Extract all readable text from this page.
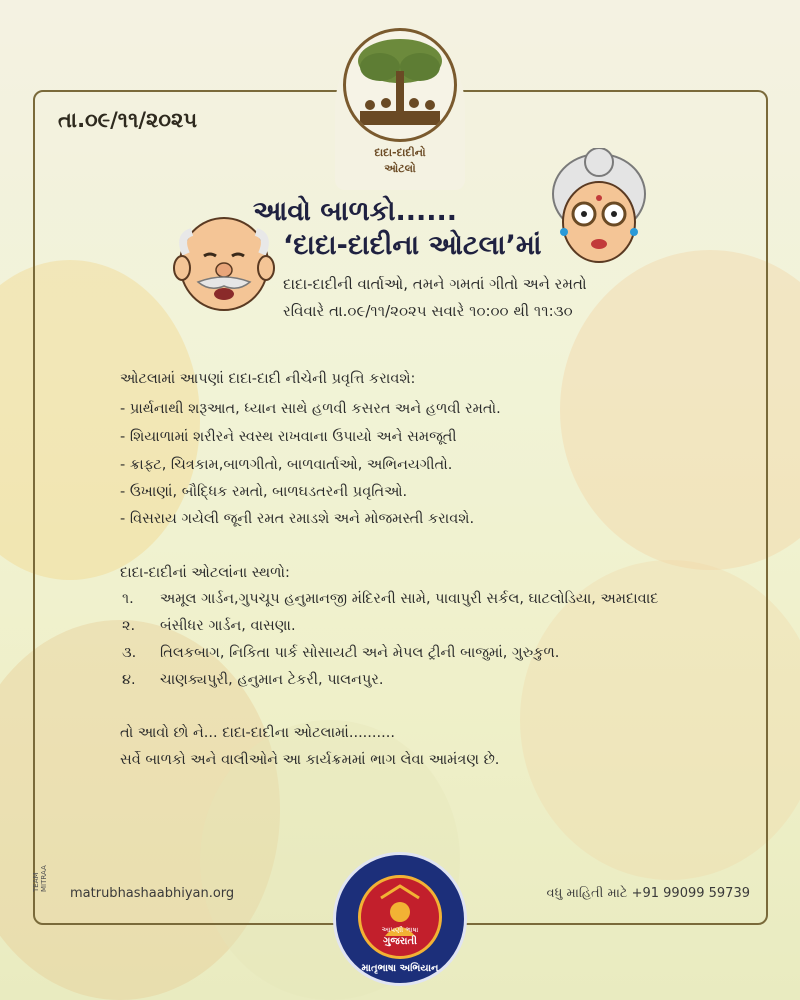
દાદા-દાદીનો
ઓટલો
તા.૦૯/૧૧/૨૦૨૫
આવો બાળકો......
‘દાદા-દાદીના ઓટલા’માં
દાદા-દાદીની વાર્તાઓ, તમને ગમતાં ગીતો અને રમતો
રવિવારે તા.૦૯/૧૧/૨૦૨૫ સવારે ૧૦:૦૦ થી ૧૧:૩૦
ઓટલામાં આપણાં દાદા-દાદી નીચેની પ્રવૃત્તિ કરાવશે:
- પ્રાર્થનાથી શરૂઆત, ધ્યાન સાથે હળવી કસરત અને હળવી રમતો.
- શિયાળામાં શરીરને સ્વસ્થ રાખવાના ઉપાયો અને સમજૂતી
- ક્રાફ્ટ, ચિત્રકામ,બાળગીતો, બાળવાર્તાઓ, અભિનયગીતો.
- ઉખાણાં, બૌદ્ધિક રમતો, બાળઘડતરની પ્રવૃતિઓ.
- વિસરાય ગયેલી જૂની રમત રમાડશે અને મોજમસ્તી કરાવશે.
દાદા-દાદીનાં ઓટલાંના સ્થળો:
૧. અમૂલ ગાર્ડન,ગુપચૂપ હનુમાનજી મંદિરની સામે, પાવાપુરી સર્કલ, ઘાટલોડિયા, અમદાવાદ
૨. બંસીધર ગાર્ડન, વાસણા.
૩. તિલકબાગ, નિકિતા પાર્ક સોસાયટી અને મેપલ ટ્રીની બાજુમાં, ગુરુકુળ.
૪. ચાણક્યપુરી, હનુમાન ટેકરી, પાલનપુર.
તો આવો છો ને... દાદા-દાદીના ઓટલામાં..........
સર્વે બાળકો અને વાલીઓને આ કાર્યક્રમમાં ભાગ લેવા આમંત્રણ છે.
TEAM MITRAA
matrubhashaabhiyan.org	વધુ માહિતી માટે +91 99099 59739
આપણી ભાષા
ગુજરાતી
માતૃભાષા અભિયાન
